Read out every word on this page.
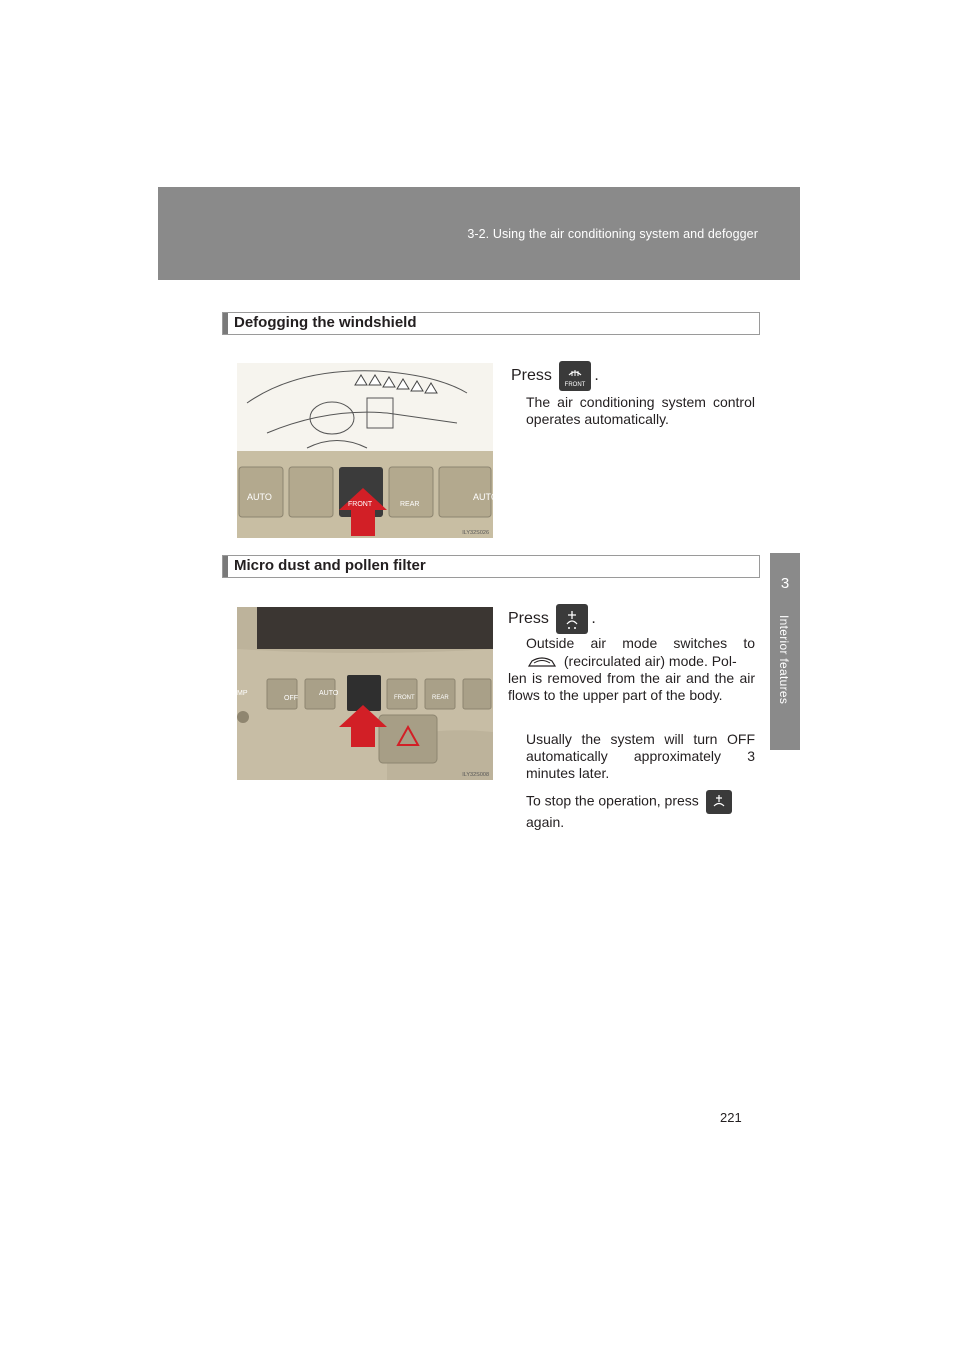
3-2. Using the air conditioning system and defogger
3
Interior features
Defogging the windshield
ILY32S026
AUTO
FRONT	REAR
AUTO
Press
FRONT
.
The air conditioning system control operates automatically.
Micro dust and pollen filter
ILY32S008
OFF
AUTO
FRONT	REAR
MP
Press	.
Outside air mode switches to
(recirculated air) mode. Pol-
len is removed from the air and the air flows to the upper part of the body.
Usually the system will turn OFF automatically approximately 3 minutes later.
To stop the operation, press

again.
221
